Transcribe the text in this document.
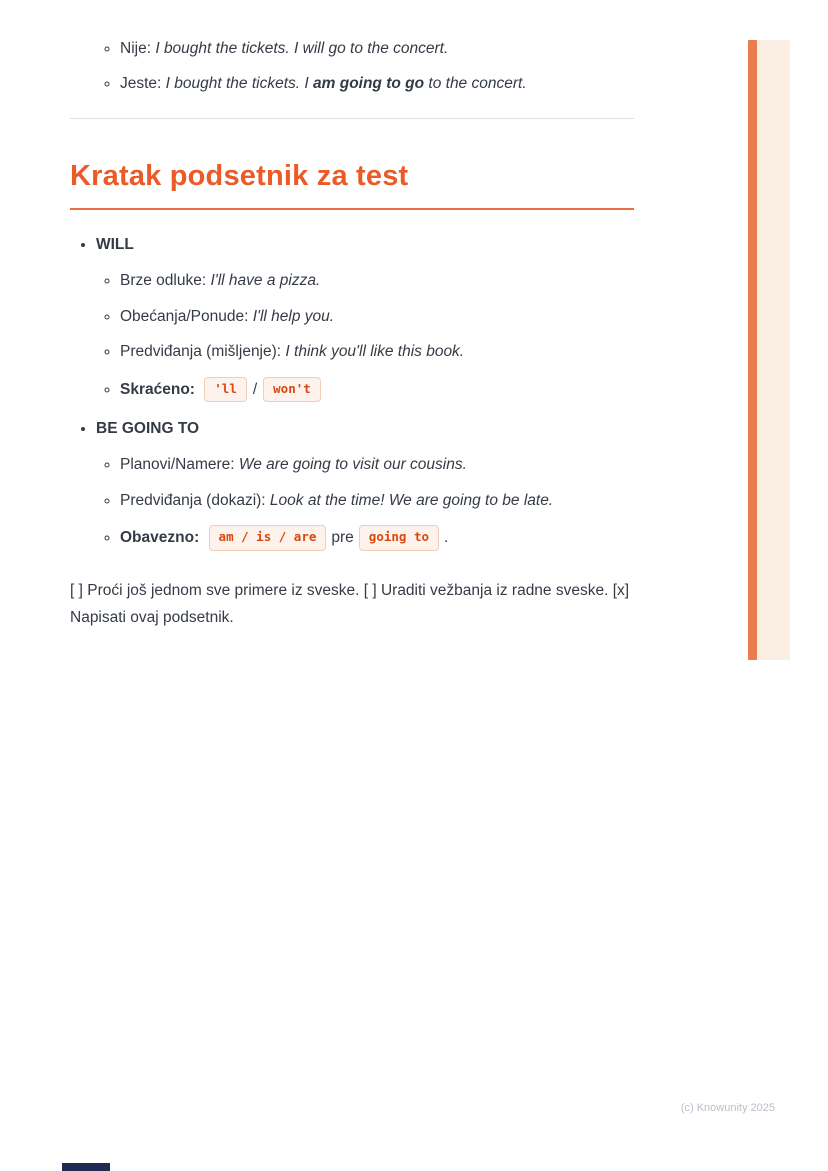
◦ Nije: I bought the tickets. I will go to the concert.
◦ Jeste: I bought the tickets. I am going to go to the concert.
Kratak podsetnik za test
• WILL
◦ Brze odluke: I'll have a pizza.
◦ Obećanja/Ponude: I'll help you.
◦ Predviđanja (mišljenje): I think you'll like this book.
◦ Skraćeno: 'll / won't
• BE GOING TO
◦ Planovi/Namere: We are going to visit our cousins.
◦ Predviđanja (dokazi): Look at the time! We are going to be late.
◦ Obavezno: am / is / are pre going to .

[ ] Proći još jednom sve primere iz sveske. [ ] Uraditi vežbanja iz radne sveske. [x] Napisati ovaj podsetnik.

(c) Knowunity 2025
